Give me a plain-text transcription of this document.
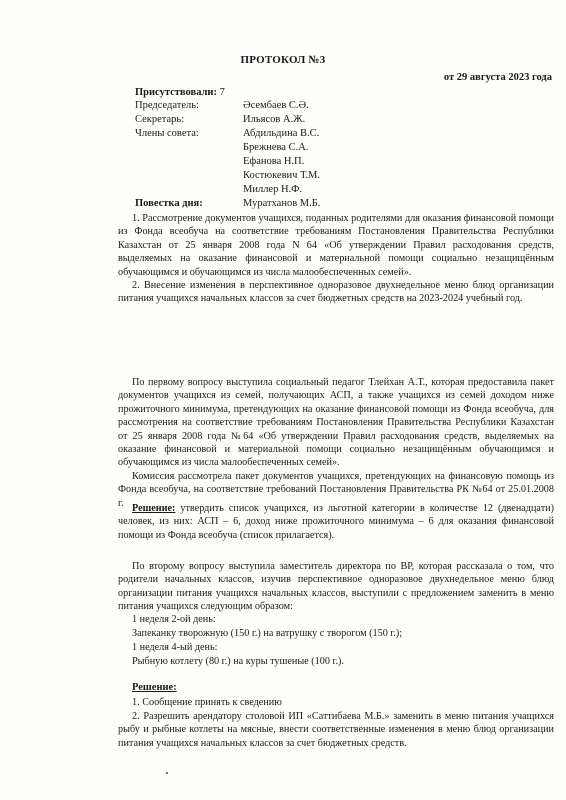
ПРОТОКОЛ №3
от 29 августа 2023 года
Присутствовали: 7
Председатель:	Әсембаев С.Ә.
Секретарь:	Ильясов А.Ж.
Члены совета:	Абдильдина В.С.
Брежнева С.А.
Ефанова Н.П.
Костюкевич Т.М.
Миллер Н.Ф.
Муратханов М.Б.
Повестка дня:

1. Рассмотрение документов учащихся, поданных родителями для оказания финансовой помощи из Фонда всеобуча на соответствие требованиям Постановления Правительства Республики Казахстан от 25 января 2008 года N 64 «Об утверждении Правил расходования средств, выделяемых на оказание финансовой и материальной помощи социально незащищённым обучающимся и обучающимся из числа малообеспеченных семей».

2. Внесение изменения в перспективное одноразовое двухнедельное меню блюд организации питания учащихся начальных классов за счет бюджетных средств на 2023-2024 учебный год.

По первому вопросу выступила социальный педагог Тлейхан А.Т., которая предоставила пакет документов учащихся из семей, получающих АСП, а также учащихся из семей доходом ниже прожиточного минимума, претендующих на оказание финансовой помощи из Фонда всеобуча, для рассмотрения на соответствие требованиям Постановления Правительства Республики Казахстан от 25 января 2008 года №64 «Об утверждении Правил расходования средств, выделяемых на оказание финансовой и материальной помощи социально незащищённым обучающимся и обучающимся из числа малообеспеченных семей».

Комиссия рассмотрела пакет документов учащихся, претендующих на финансовую помощь из Фонда всеобуча, на соответствие требований Постановления Правительства РК №64 от 25.01.2008 г. Решение: утвердить список учащихся, из льготной категории в количестве 12 (двенадцати) человек, из них: АСП – 6, доход ниже прожиточного минимума – 6 для оказания финансовой помощи из Фонда всеобуча (список прилагается).

По второму вопросу выступила заместитель директора по ВР, которая рассказала о том, что родители начальных классов, изучив перспективное одноразовое двухнедельное меню блюд организации питания учащихся начальных классов, выступили с предложением заменить в меню питания учащихся следующим образом:

1 неделя 2-ой день:
Запеканку творожную (150 г.) на ватрушку с творогом (150 г.);
1 неделя 4-ый день:
Рыбную котлету (80 г.) на куры тушеные (100 г.).
Решение:
1. Сообщение принять к сведению

2. Разрешить арендатору столовой ИП «Саттибаева М.Б.» заменить в меню питания учащихся рыбу и рыбные котлеты на мясные, внести соответственные изменения в меню блюд организации питания учащихся начальных классов за счет бюджетных средств.
